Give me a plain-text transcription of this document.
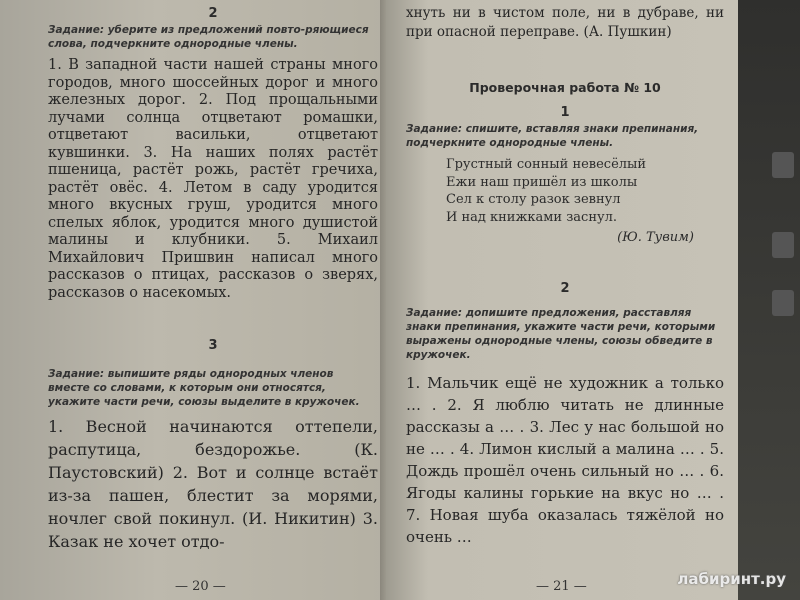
2

Задание: уберите из предложений повто-ряющиеся слова, подчеркните однородные члены.

1. В западной части нашей страны много городов, много шоссейных дорог и много железных дорог. 2. Под прощальными лучами солнца отцветают ромашки, отцветают васильки, отцветают кувшинки. 3. На наших полях растёт пшеница, растёт рожь, растёт гречиха, растёт овёс. 4. Летом в саду уродится много вкусных груш, уродится много спелых яблок, уродится много душистой малины и клубники. 5. Михаил Михайлович Пришвин написал много рассказов о птицах, рассказов о зверях, рассказов о насекомых.

3

Задание: выпишите ряды однородных членов вместе со словами, к которым они относятся, укажите части речи, союзы выделите в кружочек.

1. Весной начинаются оттепели, распутица, бездорожье. (К. Паустовский) 2. Вот и солнце встаёт из-за пашен, блестит за морями, ночлег свой покинул. (И. Никитин) 3. Казак не хочет отдо-

— 20 —

хнуть ни в чистом поле, ни в дубраве, ни при опасной переправе. (А. Пушкин)

Проверочная работа № 10

1

Задание: спишите, вставляя знаки препинания, подчеркните однородные члены.

Грустный сонный невесёлый
Ежи наш пришёл из школы
Сел к столу разок зевнул
И над книжками заснул.

(Ю. Тувим)

2

Задание: допишите предложения, расставляя знаки препинания, укажите части речи, которыми выражены однородные члены, союзы обведите в кружочек.

1. Мальчик ещё не художник а только … . 2. Я люблю читать не длинные рассказы а … . 3. Лес у нас большой но не … . 4. Лимон кислый а малина … . 5. Дождь прошёл очень сильный но … . 6. Ягоды калины горькие на вкус но … . 7. Новая шуба оказалась тяжёлой но очень …

— 21 —	лабиринт.ру
